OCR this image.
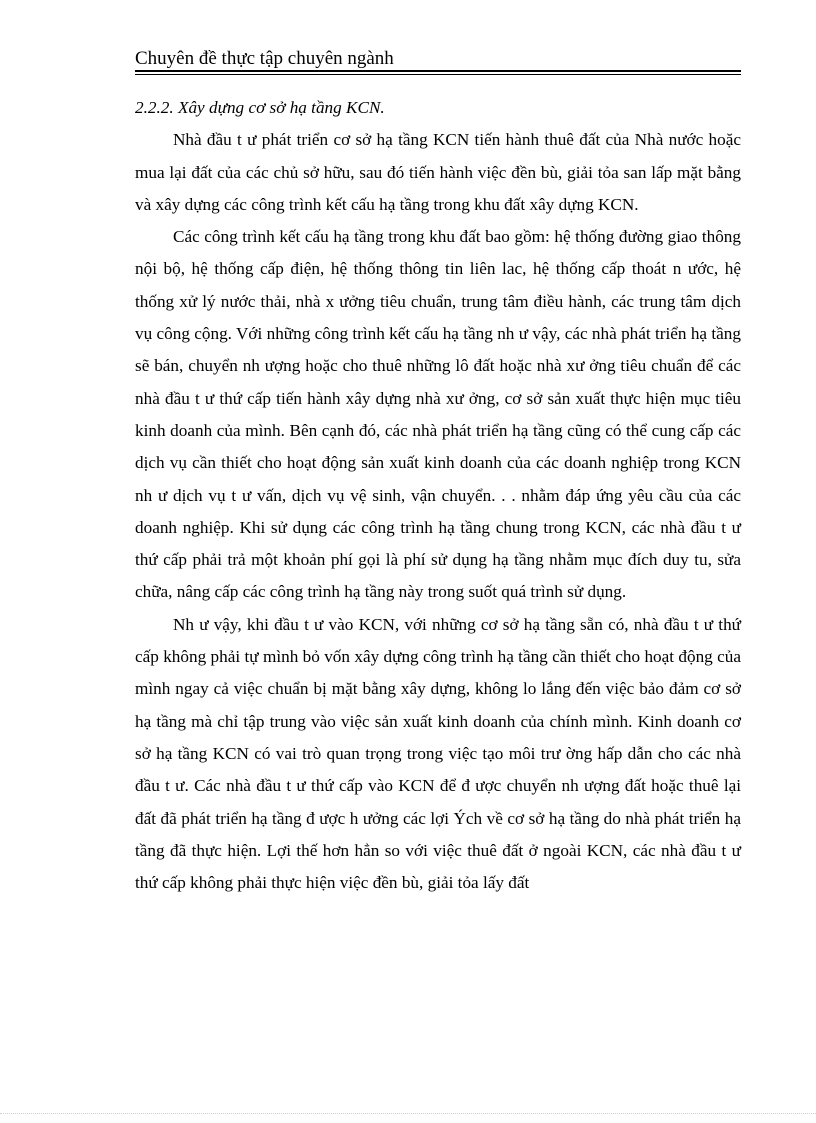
Chuyên đề thực tập chuyên ngành

2.2.2. Xây dựng cơ sở hạ tầng KCN.

Nhà đầu t ư phát triển cơ sở hạ tầng KCN tiến hành thuê đất của Nhà nước hoặc mua lại đất của các chủ sở hữu, sau đó tiến hành việc đền bù, giải tỏa san lấp mặt bằng và xây dựng các công trình kết cấu hạ tầng trong khu đất xây dựng KCN.

Các công trình kết cấu hạ tầng trong khu đất bao gồm: hệ thống đường giao thông nội bộ, hệ thống cấp điện, hệ thống thông tin liên lac, hệ thống cấp thoát n ước, hệ thống xử lý nước thải, nhà x ưởng tiêu chuẩn, trung tâm điều hành, các trung tâm dịch vụ công cộng. Với những công trình kết cấu hạ tầng nh ư vậy, các nhà phát triển hạ tầng sẽ bán, chuyển nh ượng hoặc cho thuê những lô đất hoặc nhà xư ởng tiêu chuẩn để các nhà đầu t ư thứ cấp tiến hành xây dựng nhà xư ởng, cơ sở sản xuất thực hiện mục tiêu kinh doanh của mình. Bên cạnh đó, các nhà phát triển hạ tầng cũng có thể cung cấp các dịch vụ cần thiết cho hoạt động sản xuất kinh doanh của các doanh nghiệp trong KCN nh ư dịch vụ t ư vấn, dịch vụ vệ sinh, vận chuyển. . . nhằm đáp ứng yêu cầu của các doanh nghiệp. Khi sử dụng các công trình hạ tầng chung trong KCN, các nhà đầu t ư thứ cấp phải trả một khoản phí gọi là phí sử dụng hạ tầng nhằm mục đích duy tu, sửa chữa, nâng cấp các công trình hạ tầng này trong suốt quá trình sử dụng.

Nh ư vậy, khi đầu t ư vào KCN, với những cơ sở hạ tầng sẵn có, nhà đầu t ư thứ cấp không phải tự mình bỏ vốn xây dựng công trình hạ tầng cần thiết cho hoạt động của mình ngay cả việc chuẩn bị mặt bằng xây dựng, không lo lắng đến việc bảo đảm cơ sở hạ tầng mà chỉ tập trung vào việc sản xuất kinh doanh của chính mình. Kinh doanh cơ sở hạ tầng KCN có vai trò quan trọng trong việc tạo môi trư ờng hấp dẫn cho các nhà đầu t ư. Các nhà đầu t ư thứ cấp vào KCN để đ ược chuyển nh ượng đất hoặc thuê lại đất đã phát triển hạ tầng đ ược h ưởng các lợi Ých về cơ sở hạ tầng do nhà phát triển hạ tầng đã thực hiện. Lợi thế hơn hẳn so với việc thuê đất ở ngoài KCN, các nhà đầu t ư thứ cấp không phải thực hiện việc đền bù, giải tỏa lấy đất
